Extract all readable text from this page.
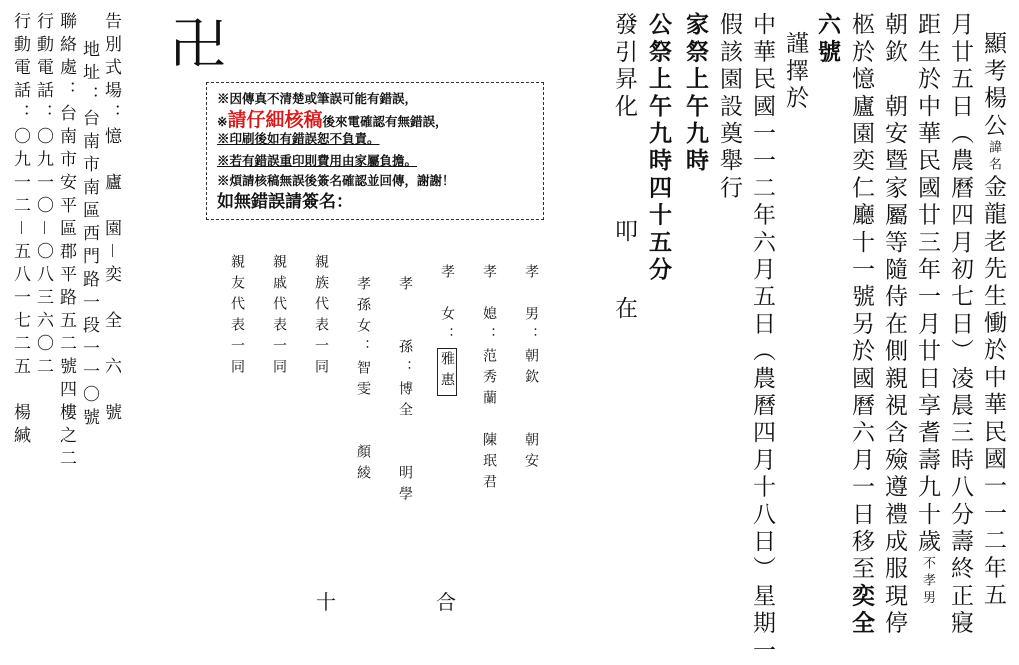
卍
※因傳真不清楚或筆誤可能有錯誤，
※請仔細核稿後來電確認有無錯誤，
※印刷後如有錯誤恕不負責。
※若有錯誤重印則費用由家屬負擔。
※煩請核稿無誤後簽名確認並回傳，謝謝！
如無錯誤請簽名：
顯考楊公諱名金龍老先生慟於中華民國一一二年五
月廿五日（農曆四月初七日）凌晨三時八分壽終正寢
距生於中華民國廿三年一月廿日享耆壽九十歲不孝男
朝欽　朝安暨家屬等隨侍在側親視含殮遵禮成服現停
柩於憶廬園奕仁廳十一號另於國曆六月一日移至奕全
六號
謹擇於
中華民國一一二年六月五日（農曆四月十八日）星期一
假該園設奠舉行
家祭上午九時
公祭上午九時四十五分
發引昇化
叩
在
孝　男：朝欽　　朝安
孝　媳：范秀蘭　陳珉君
孝　女：雅惠
孝　　孫：博全　　明學
孝孫女：智雯　　顏綾
親族代表一同
親戚代表一同
親友代表一同
告別式場：憶　廬　園－奕　全　六　號
地址：台南市南區西門路一段一一〇號
聯絡處：台南市安平區郡平路五二號四樓之二
行動電話：〇九一〇－〇八三六〇二
行動電話：〇九一二－五八一七二五　楊緘
十	合
